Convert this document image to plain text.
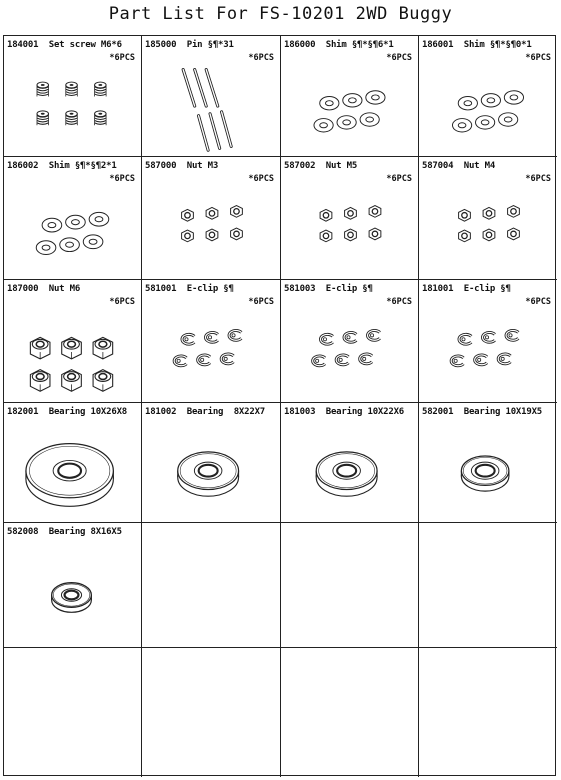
Part List For FS-10201 2WD Buggy
184001 Set screw M6*6
*6PCS
185000 Pin §¶*31
*6PCS
186000 Shim §¶*§¶6*1
*6PCS
186001 Shim §¶*§¶0*1
*6PCS
186002 Shim §¶*§¶2*1
*6PCS
587000 Nut M3
*6PCS
587002 Nut M5
*6PCS
587004 Nut M4
*6PCS
187000 Nut M6
*6PCS
581001 E-clip §¶
*6PCS
581003 E-clip §¶
*6PCS
181001 E-clip §¶
*6PCS
182001 Bearing 10X26X8 181002 Bearing  8X22X7 181003 Bearing 10X22X6 582001 Bearing 10X19X5
582008 Bearing 8X16X5
